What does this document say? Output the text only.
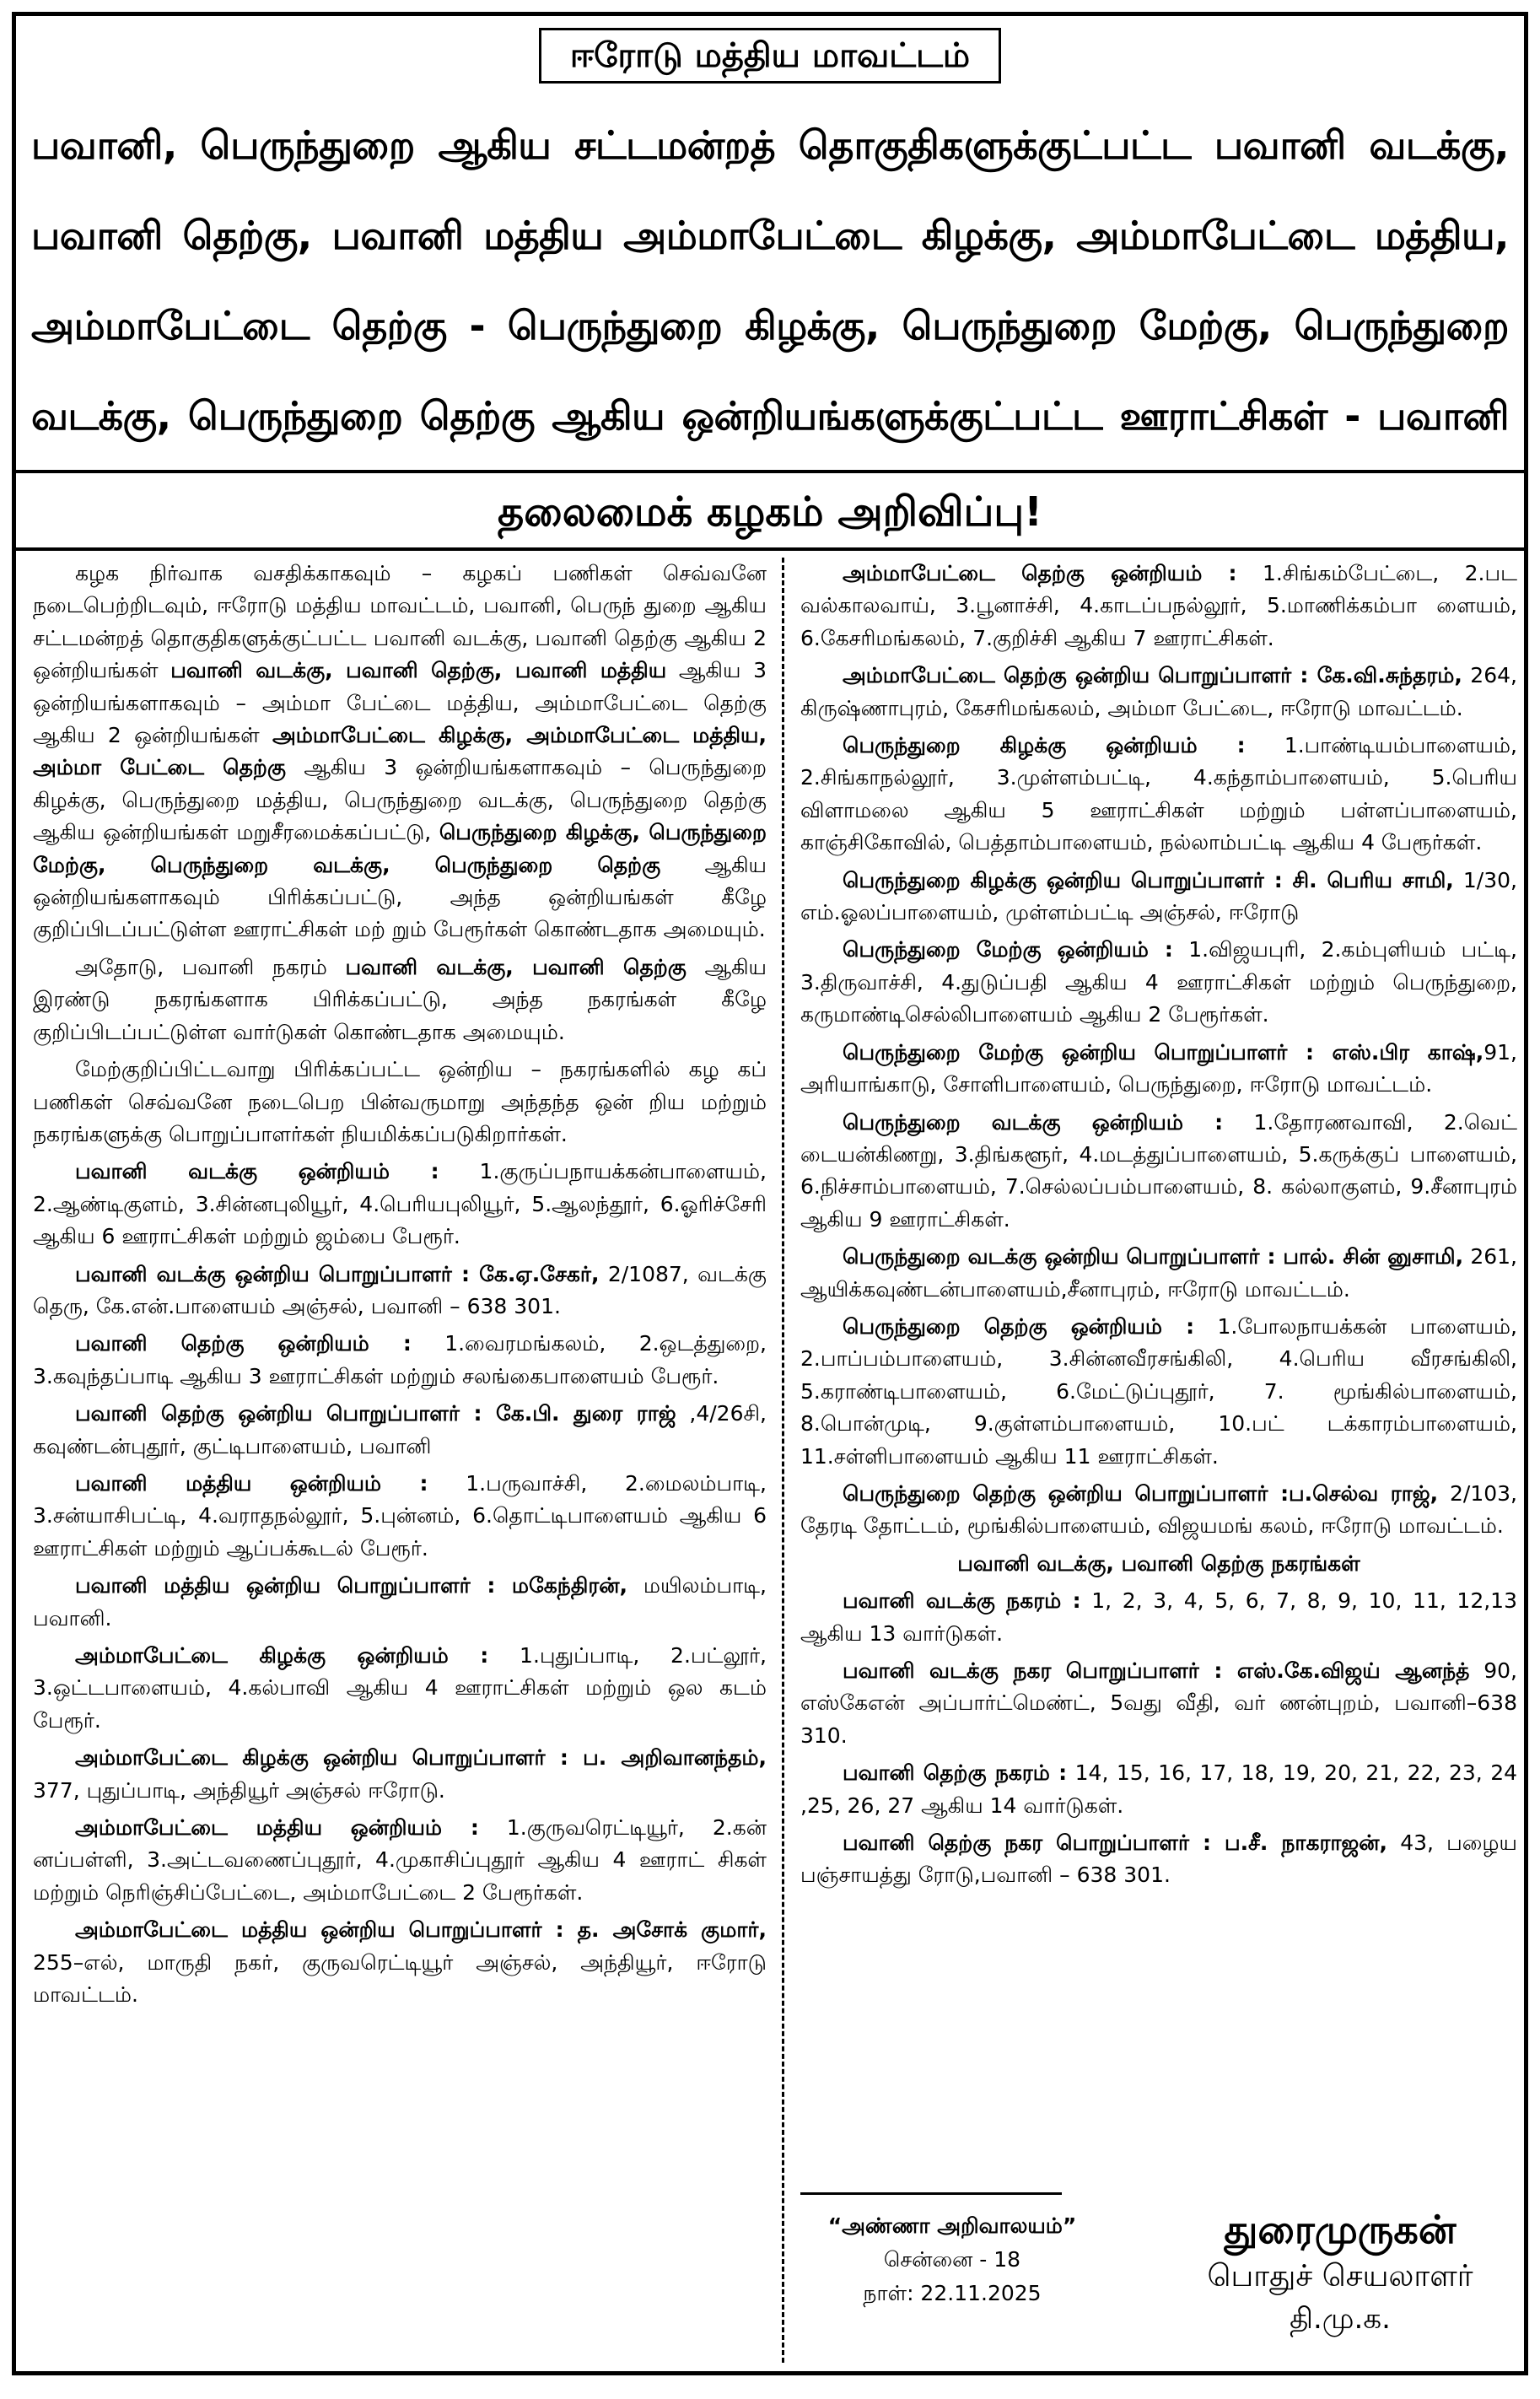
ஈரோடு மத்திய மாவட்டம்
பவானி, பெருந்துறை ஆகிய சட்டமன்றத் தொகுதிகளுக்குட்பட்ட பவானி வடக்கு, பவானி தெற்கு, பவானி மத்திய அம்மாபேட்டை கிழக்கு, அம்மாபேட்டை மத்திய, அம்மாபேட்டை தெற்கு - பெருந்துறை கிழக்கு, பெருந்துறை மேற்கு, பெருந்துறை வடக்கு, பெருந்துறை தெற்கு ஆகிய ஒன்றியங்களுக்குட்பட்ட ஊராட்சிகள் - பவானி
தலைமைக் கழகம் அறிவிப்பு!

கழக நிர்வாக வசதிக்காகவும் – கழகப் பணிகள் செவ்வனே நடைபெற்றிடவும், ஈரோடு மத்திய மாவட்டம், பவானி, பெருந் துறை ஆகிய சட்டமன்றத் தொகுதிகளுக்குட்பட்ட பவானி வடக்கு, பவானி தெற்கு ஆகிய 2 ஒன்றியங்கள் பவானி வடக்கு, பவானி தெற்கு, பவானி மத்திய ஆகிய 3 ஒன்றியங்களாகவும் – அம்மா பேட்டை மத்திய, அம்மாபேட்டை தெற்கு ஆகிய 2 ஒன்றியங்கள் அம்மாபேட்டை கிழக்கு, அம்மாபேட்டை மத்திய, அம்மா பேட்டை தெற்கு ஆகிய 3 ஒன்றியங்களாகவும் – பெருந்துறை கிழக்கு, பெருந்துறை மத்திய, பெருந்துறை வடக்கு, பெருந்துறை தெற்கு ஆகிய ஒன்றியங்கள் மறுசீரமைக்கப்பட்டு, பெருந்துறை கிழக்கு, பெருந்துறை மேற்கு, பெருந்துறை வடக்கு, பெருந்துறை தெற்கு ஆகிய ஒன்றியங்களாகவும் பிரிக்கப்பட்டு, அந்த ஒன்றியங்கள் கீழே குறிப்பிடப்பட்டுள்ள ஊராட்சிகள் மற் றும் பேரூர்கள் கொண்டதாக அமையும்.

அதோடு, பவானி நகரம் பவானி வடக்கு, பவானி தெற்கு ஆகிய இரண்டு நகரங்களாக பிரிக்கப்பட்டு, அந்த நகரங்கள் கீழே குறிப்பிடப்பட்டுள்ள வார்டுகள் கொண்டதாக அமையும்.

மேற்குறிப்பிட்டவாறு பிரிக்கப்பட்ட ஒன்றிய – நகரங்களில் கழ கப் பணிகள் செவ்வனே நடைபெற பின்வருமாறு அந்தந்த ஒன் றிய மற்றும் நகரங்களுக்கு பொறுப்பாளர்கள் நியமிக்கப்படுகிறார்கள்.

பவானி வடக்கு ஒன்றியம் : 1.குருப்பநாயக்கன்பாளையம், 2.ஆண்டிகுளம், 3.சின்னபுலியூர், 4.பெரியபுலியூர், 5.ஆலந்தூர், 6.ஓரிச்சேரி ஆகிய 6 ஊராட்சிகள் மற்றும் ஜம்பை பேரூர்.

பவானி வடக்கு ஒன்றிய பொறுப்பாளர் : கே.ஏ.சேகர், 2/1087, வடக்கு தெரு, கே.என்.பாளையம் அஞ்சல், பவானி – 638 301.

பவானி தெற்கு ஒன்றியம் : 1.வைரமங்கலம், 2.ஒடத்துறை, 3.கவுந்தப்பாடி ஆகிய 3 ஊராட்சிகள் மற்றும் சலங்கைபாளையம் பேரூர்.

பவானி தெற்கு ஒன்றிய பொறுப்பாளர் : கே.பி. துரை ராஜ் ,4/26சி, கவுண்டன்புதூர், குட்டிபாளையம், பவானி

பவானி மத்திய ஒன்றியம் : 1.பருவாச்சி, 2.மைலம்பாடி, 3.சன்யாசிபட்டி, 4.வராதநல்லூர், 5.புன்னம், 6.தொட்டிபாளையம் ஆகிய 6 ஊராட்சிகள் மற்றும் ஆப்பக்கூடல் பேரூர்.

பவானி மத்திய ஒன்றிய பொறுப்பாளர் : மகேந்திரன், மயிலம்பாடி, பவானி.

அம்மாபேட்டை கிழக்கு ஒன்றியம் : 1.புதுப்பாடி, 2.பட்லூர், 3.ஒட்டபாளையம், 4.கல்பாவி ஆகிய 4 ஊராட்சிகள் மற்றும் ஒல கடம் பேரூர்.

அம்மாபேட்டை கிழக்கு ஒன்றிய பொறுப்பாளர் : ப. அறிவானந்தம், 377, புதுப்பாடி, அந்தியூர் அஞ்சல் ஈரோடு.

அம்மாபேட்டை மத்திய ஒன்றியம் : 1.குருவரெட்டியூர், 2.கன் னப்பள்ளி, 3.அட்டவணைப்புதூர், 4.முகாசிப்புதூர் ஆகிய 4 ஊராட் சிகள் மற்றும் நெரிஞ்சிப்பேட்டை, அம்மாபேட்டை 2 பேரூர்கள்.

அம்மாபேட்டை மத்திய ஒன்றிய பொறுப்பாளர் : த. அசோக் குமார், 255–எல், மாருதி நகர், குருவரெட்டியூர் அஞ்சல், அந்தியூர், ஈரோடு மாவட்டம்.

அம்மாபேட்டை தெற்கு ஒன்றியம் : 1.சிங்கம்பேட்டை, 2.பட வல்காலவாய், 3.பூனாச்சி, 4.காடப்பநல்லூர், 5.மாணிக்கம்பா ளையம், 6.கேசரிமங்கலம், 7.குறிச்சி ஆகிய 7 ஊராட்சிகள்.

அம்மாபேட்டை தெற்கு ஒன்றிய பொறுப்பாளர் : கே.வி.சுந்தரம், 264, கிருஷ்ணாபுரம், கேசரிமங்கலம், அம்மா பேட்டை, ஈரோடு மாவட்டம்.

பெருந்துறை கிழக்கு ஒன்றியம் : 1.பாண்டியம்பாளையம், 2.சிங்காநல்லூர், 3.முள்ளம்பட்டி, 4.கந்தாம்பாளையம், 5.பெரிய விளாமலை ஆகிய 5 ஊராட்சிகள் மற்றும் பள்ளப்பாளையம், காஞ்சிகோவில், பெத்தாம்பாளையம், நல்லாம்பட்டி ஆகிய 4 பேரூர்கள்.

பெருந்துறை கிழக்கு ஒன்றிய பொறுப்பாளர் : சி. பெரிய சாமி, 1/30, எம்.ஓலப்பாளையம், முள்ளம்பட்டி அஞ்சல், ஈரோடு

பெருந்துறை மேற்கு ஒன்றியம் : 1.விஜயபுரி, 2.கம்புளியம் பட்டி, 3.திருவாச்சி, 4.துடுப்பதி ஆகிய 4 ஊராட்சிகள் மற்றும் பெருந்துறை, கருமாண்டிசெல்லிபாளையம் ஆகிய 2 பேரூர்கள்.

பெருந்துறை மேற்கு ஒன்றிய பொறுப்பாளர் : எஸ்.பிர காஷ்,91, அரியாங்காடு, சோளிபாளையம், பெருந்துறை, ஈரோடு மாவட்டம்.

பெருந்துறை வடக்கு ஒன்றியம் : 1.தோரணவாவி, 2.வெட் டையன்கிணறு, 3.திங்களூர், 4.மடத்துப்பாளையம், 5.கருக்குப் பாளையம், 6.நிச்சாம்பாளையம், 7.செல்லப்பம்பாளையம், 8. கல்லாகுளம், 9.சீனாபுரம் ஆகிய 9 ஊராட்சிகள்.

பெருந்துறை வடக்கு ஒன்றிய பொறுப்பாளர் : பால். சின் னுசாமி, 261, ஆயிக்கவுண்டன்பாளையம்,சீனாபுரம், ஈரோடு மாவட்டம்.

பெருந்துறை தெற்கு ஒன்றியம் : 1.போலநாயக்கன் பாளையம், 2.பாப்பம்பாளையம், 3.சின்னவீரசங்கிலி, 4.பெரிய வீரசங்கிலி, 5.கராண்டிபாளையம், 6.மேட்டுப்புதூர், 7. மூங்கில்பாளையம், 8.பொன்முடி, 9.குள்ளம்பாளையம், 10.பட் டக்காரம்பாளையம், 11.சள்ளிபாளையம் ஆகிய 11 ஊராட்சிகள்.

பெருந்துறை தெற்கு ஒன்றிய பொறுப்பாளர் :ப.செல்வ ராஜ், 2/103, தேரடி தோட்டம், மூங்கில்பாளையம், விஜயமங் கலம், ஈரோடு மாவட்டம்.

பவானி வடக்கு, பவானி தெற்கு நகரங்கள்

பவானி வடக்கு நகரம் : 1, 2, 3, 4, 5, 6, 7, 8, 9, 10, 11, 12,13 ஆகிய 13 வார்டுகள்.

பவானி வடக்கு நகர பொறுப்பாளர் : எஸ்.கே.விஜய் ஆனந்த் 90, எஸ்கேஎன் அப்பார்ட்மெண்ட், 5வது வீதி, வர் ணன்புறம், பவானி–638 310.

பவானி தெற்கு நகரம் : 14, 15, 16, 17, 18, 19, 20, 21, 22, 23, 24 ,25, 26, 27 ஆகிய 14 வார்டுகள்.

பவானி தெற்கு நகர பொறுப்பாளர் : ப.சீ. நாகராஜன், 43, பழைய பஞ்சாயத்து ரோடு,பவானி – 638 301.

“அண்ணா அறிவாலயம்”
சென்னை - 18
நாள்: 22.11.2025
துரைமுருகன்
பொதுச் செயலாளர்
தி.மு.க.
